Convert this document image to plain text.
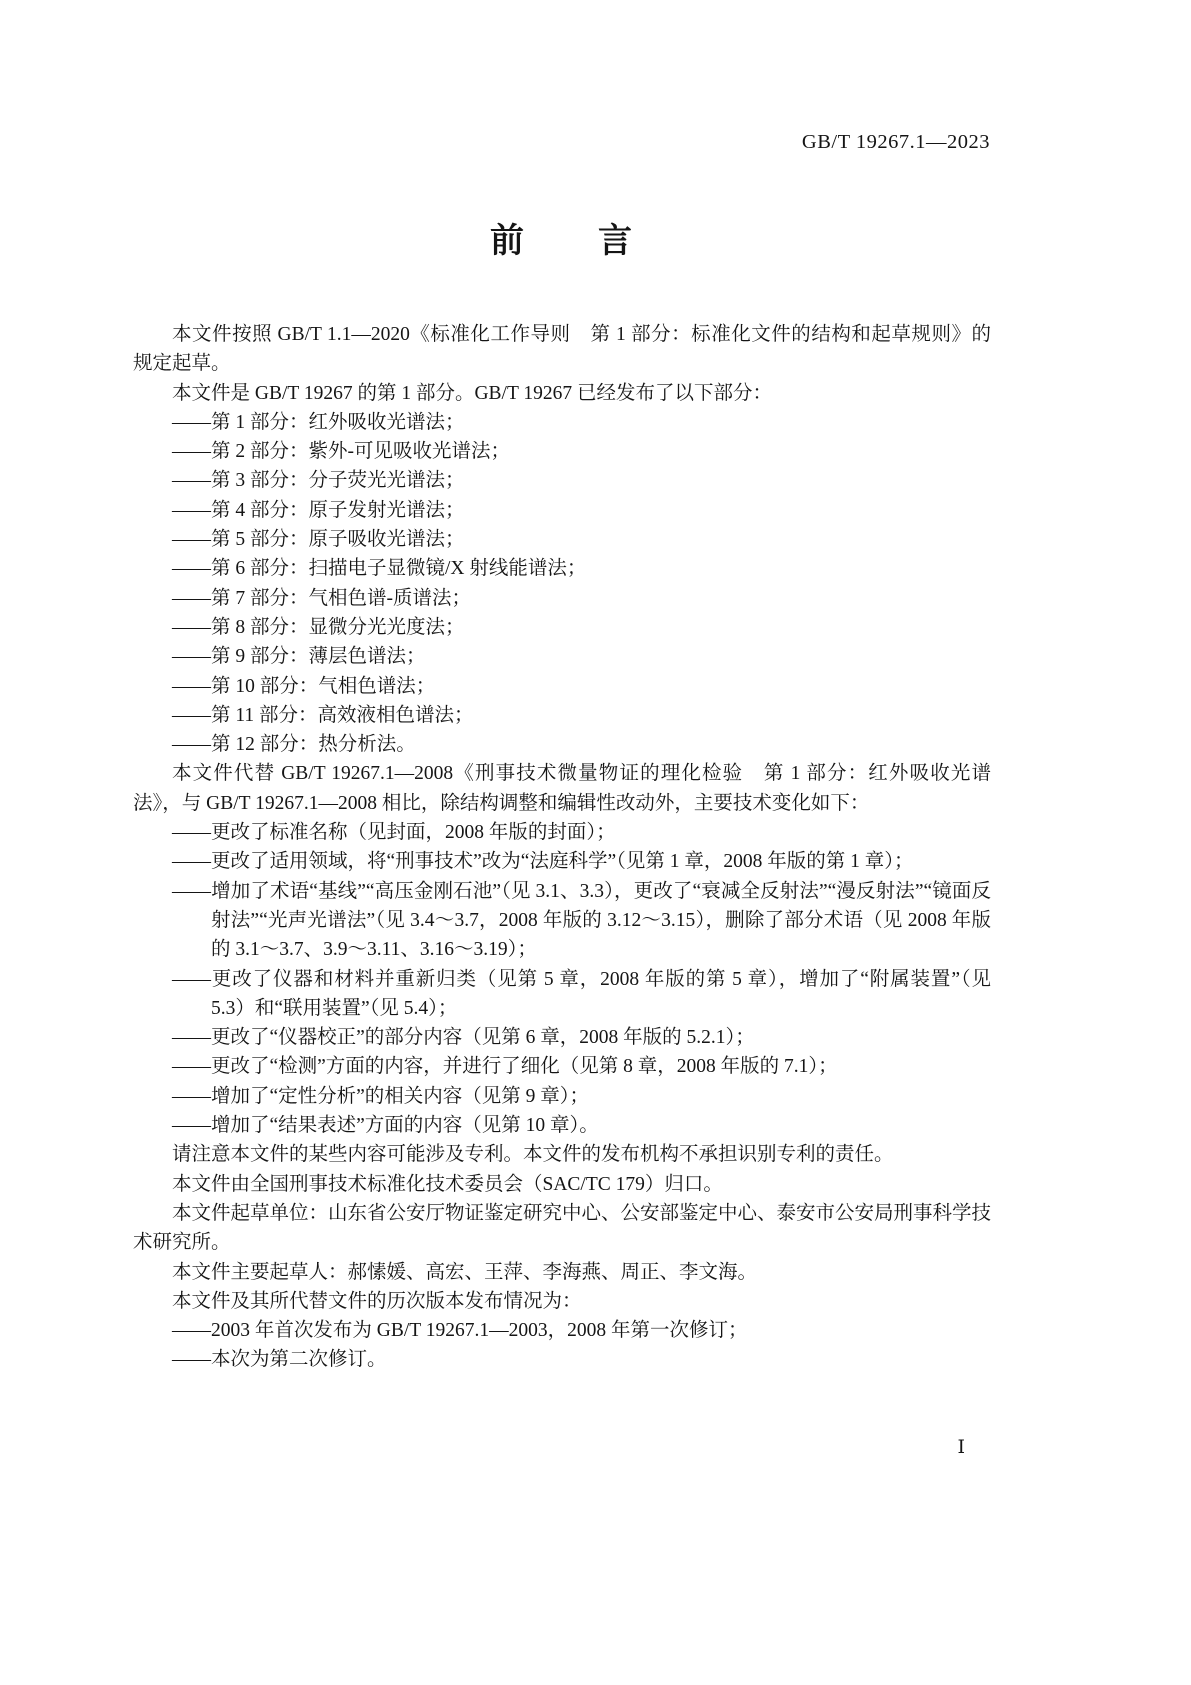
GB/T 19267.1—2023
前　　言

本文件按照 GB/T 1.1—2020《标准化工作导则　第 1 部分：标准化文件的结构和起草规则》的规定起草。

本文件是 GB/T 19267 的第 1 部分。GB/T 19267 已经发布了以下部分：

——第 1 部分：红外吸收光谱法；

——第 2 部分：紫外-可见吸收光谱法；

——第 3 部分：分子荧光光谱法；

——第 4 部分：原子发射光谱法；

——第 5 部分：原子吸收光谱法；

——第 6 部分：扫描电子显微镜/X 射线能谱法；

——第 7 部分：气相色谱-质谱法；

——第 8 部分：显微分光光度法；

——第 9 部分：薄层色谱法；

——第 10 部分：气相色谱法；

——第 11 部分：高效液相色谱法；

——第 12 部分：热分析法。

本文件代替 GB/T 19267.1—2008《刑事技术微量物证的理化检验　第 1 部分：红外吸收光谱法》，与 GB/T 19267.1—2008 相比，除结构调整和编辑性改动外，主要技术变化如下：

——更改了标准名称（见封面，2008 年版的封面）；

——更改了适用领域，将“刑事技术”改为“法庭科学”（见第 1 章，2008 年版的第 1 章）；

——增加了术语“基线”“高压金刚石池”（见 3.1、3.3），更改了“衰减全反射法”“漫反射法”“镜面反射法”“光声光谱法”（见 3.4～3.7，2008 年版的 3.12～3.15），删除了部分术语（见 2008 年版的 3.1～3.7、3.9～3.11、3.16～3.19）；

——更改了仪器和材料并重新归类（见第 5 章，2008 年版的第 5 章），增加了“附属装置”（见 5.3）和“联用装置”（见 5.4）；

——更改了“仪器校正”的部分内容（见第 6 章，2008 年版的 5.2.1）；

——更改了“检测”方面的内容，并进行了细化（见第 8 章，2008 年版的 7.1）；

——增加了“定性分析”的相关内容（见第 9 章）；

——增加了“结果表述”方面的内容（见第 10 章）。

请注意本文件的某些内容可能涉及专利。本文件的发布机构不承担识别专利的责任。

本文件由全国刑事技术标准化技术委员会（SAC/TC 179）归口。

本文件起草单位：山东省公安厅物证鉴定研究中心、公安部鉴定中心、泰安市公安局刑事科学技术研究所。

本文件主要起草人：郝愫媛、高宏、王萍、李海燕、周正、李文海。

本文件及其所代替文件的历次版本发布情况为：

——2003 年首次发布为 GB/T 19267.1—2003，2008 年第一次修订；

——本次为第二次修订。

Ⅰ
